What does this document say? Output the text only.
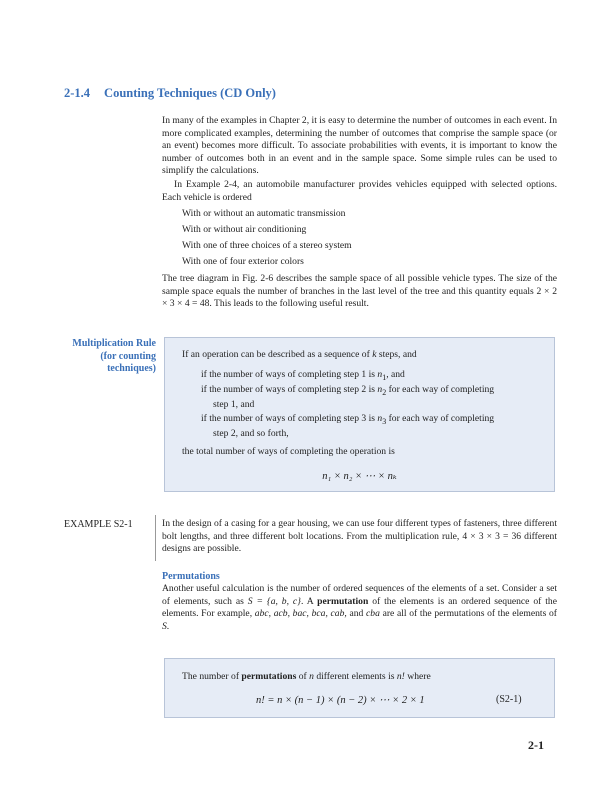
2-1.4 Counting Techniques (CD Only)

In many of the examples in Chapter 2, it is easy to determine the number of outcomes in each event. In more complicated examples, determining the number of outcomes that comprise the sample space (or an event) becomes more difficult. To associate probabilities with events, it is important to know the number of outcomes both in an event and in the sample space. Some simple rules can be used to simplify the calculations.

In Example 2-4, an automobile manufacturer provides vehicles equipped with selected options. Each vehicle is ordered

With or without an automatic transmission

With or without air conditioning

With one of three choices of a stereo system

With one of four exterior colors

The tree diagram in Fig. 2-6 describes the sample space of all possible vehicle types. The size of the sample space equals the number of branches in the last level of the tree and this quantity equals 2 × 2 × 3 × 4 = 48. This leads to the following useful result.

Multiplication Rule (for counting techniques)

If an operation can be described as a sequence of k steps, and

if the number of ways of completing step 1 is $n_1$, and

if the number of ways of completing step 2 is $n_2$ for each way of completing
step 1, and

if the number of ways of completing step 3 is $n_3$ for each way of completing
step 2, and so forth,

the total number of ways of completing the operation is

n₁ × n₂ × ⋯ × nₖ
EXAMPLE S2-1	In the design of a casing for a gear housing, we can use four different types of fasteners, three different bolt lengths, and three different bolt locations. From the multiplication rule, 4 × 3 × 3 = 36 different designs are possible.

Permutations

Another useful calculation is the number of ordered sequences of the elements of a set. Consider a set of elements, such as S = {a, b, c}. A permutation of the elements is an ordered sequence of the elements. For example, abc, acb, bac, bca, cab, and cba are all of the permutations of the elements of S.

The number of permutations of n different elements is n! where

n! = n × (n − 1) × (n − 2) × ⋯ × 2 × 1	(S2-1)
2-1
